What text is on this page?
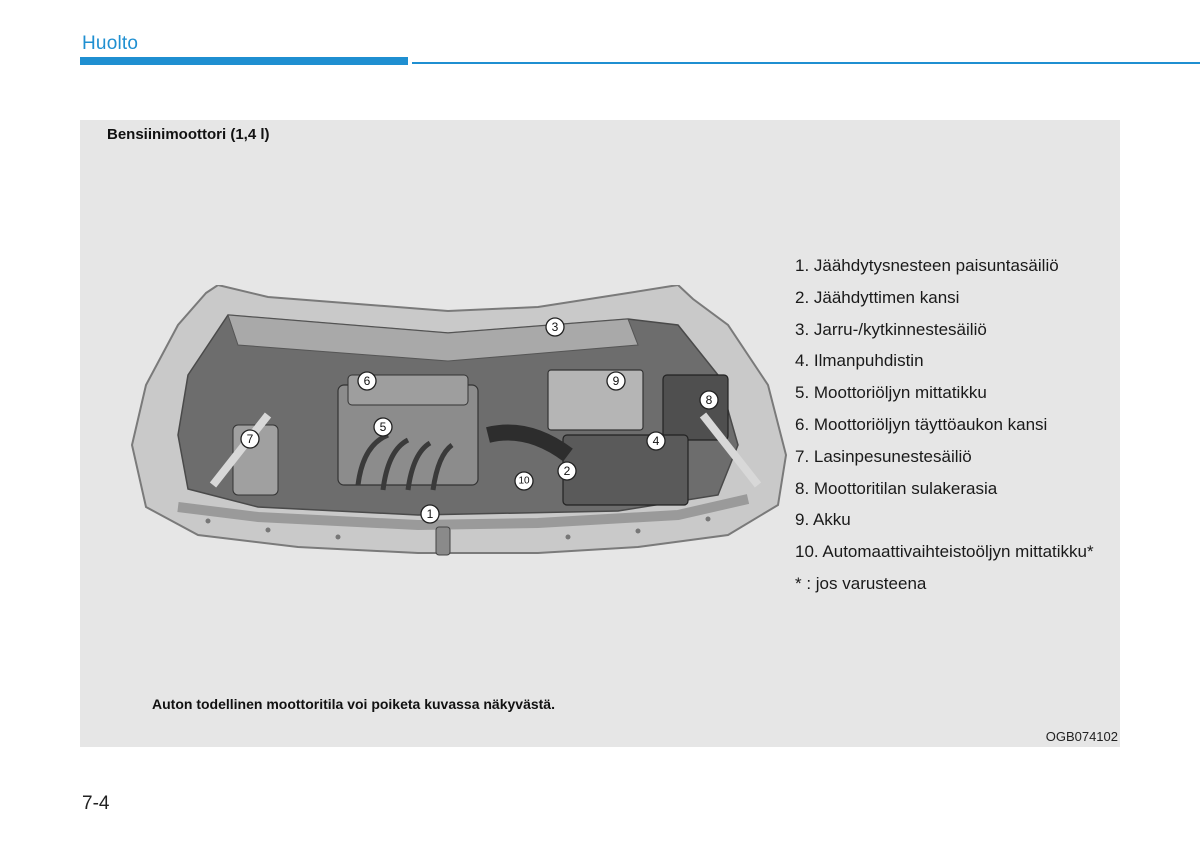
Huolto
Bensiinimoottori (1,4 l)
1
2
3
4
5
6
7
8
9
10
1. Jäähdytysnesteen paisuntasäiliö
2. Jäähdyttimen kansi
3. Jarru-/kytkinnestesäiliö
4. Ilmanpuhdistin
5. Moottoriöljyn mittatikku
6. Moottoriöljyn täyttöaukon kansi
7. Lasinpesunestesäiliö
8. Moottoritilan sulakerasia
9. Akku
10. Automaattivaihteistoöljyn mittatikku*
* : jos varusteena
Auton todellinen moottoritila voi poiketa kuvassa näkyvästä.
OGB074102
7-4
